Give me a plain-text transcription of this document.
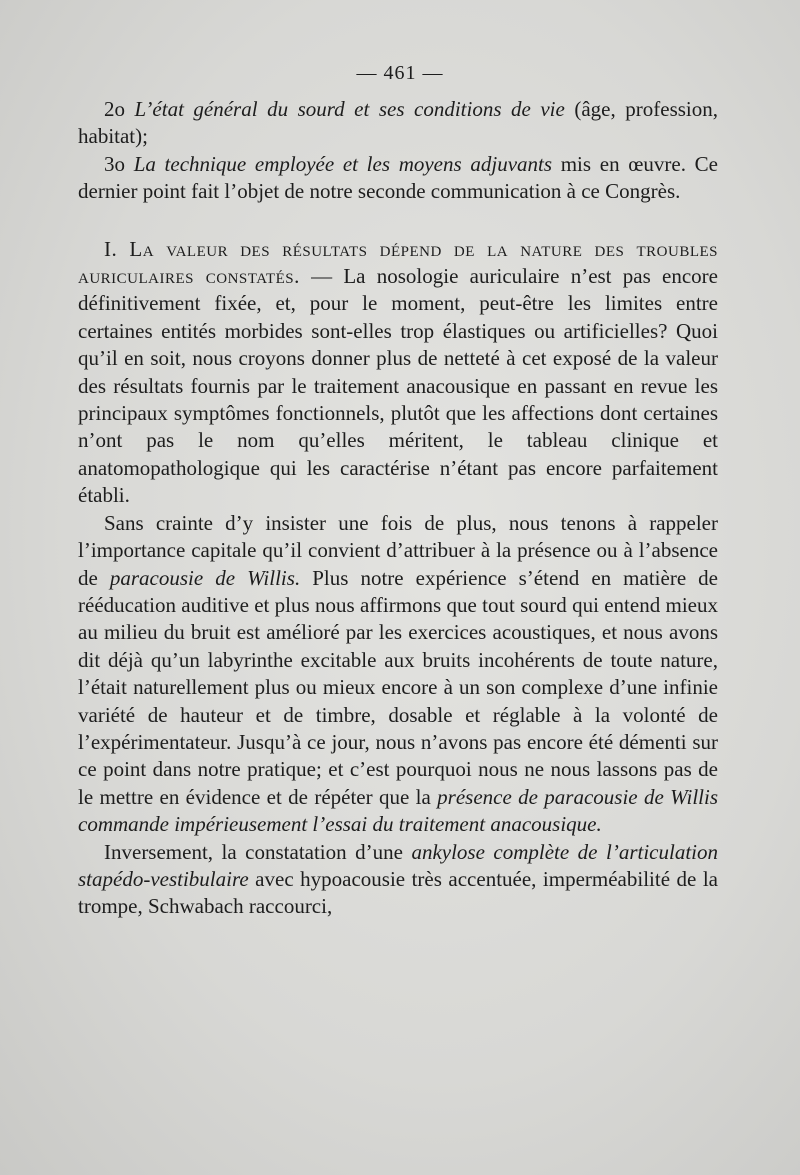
— 461 —

2o L’état général du sourd et ses conditions de vie (âge, profession, habitat);

3o La technique employée et les moyens adjuvants mis en œuvre. Ce dernier point fait l’objet de notre seconde communication à ce Congrès.

I. La valeur des résultats dépend de la nature des troubles auriculaires constatés. — La nosologie auriculaire n’est pas encore définitivement fixée, et, pour le moment, peut-être les limites entre certaines entités morbides sont-elles trop élastiques ou artificielles? Quoi qu’il en soit, nous croyons donner plus de netteté à cet exposé de la valeur des résultats fournis par le traitement anacousique en passant en revue les principaux symptômes fonctionnels, plutôt que les affections dont certaines n’ont pas le nom qu’elles méritent, le tableau clinique et anatomopathologique qui les caractérise n’étant pas encore parfaitement établi.

Sans crainte d’y insister une fois de plus, nous tenons à rappeler l’importance capitale qu’il convient d’attribuer à la présence ou à l’absence de paracousie de Willis. Plus notre expérience s’étend en matière de rééducation auditive et plus nous affirmons que tout sourd qui entend mieux au milieu du bruit est amélioré par les exercices acoustiques, et nous avons dit déjà qu’un labyrinthe excitable aux bruits incohérents de toute nature, l’était naturellement plus ou mieux encore à un son complexe d’une infinie variété de hauteur et de timbre, dosable et réglable à la volonté de l’expérimentateur. Jusqu’à ce jour, nous n’avons pas encore été démenti sur ce point dans notre pratique; et c’est pourquoi nous ne nous lassons pas de le mettre en évidence et de répéter que la présence de paracousie de Willis commande impérieusement l’essai du traitement anacousique.

Inversement, la constatation d’une ankylose complète de l’articulation stapédo-vestibulaire avec hypoacousie très accentuée, imperméabilité de la trompe, Schwabach raccourci,
